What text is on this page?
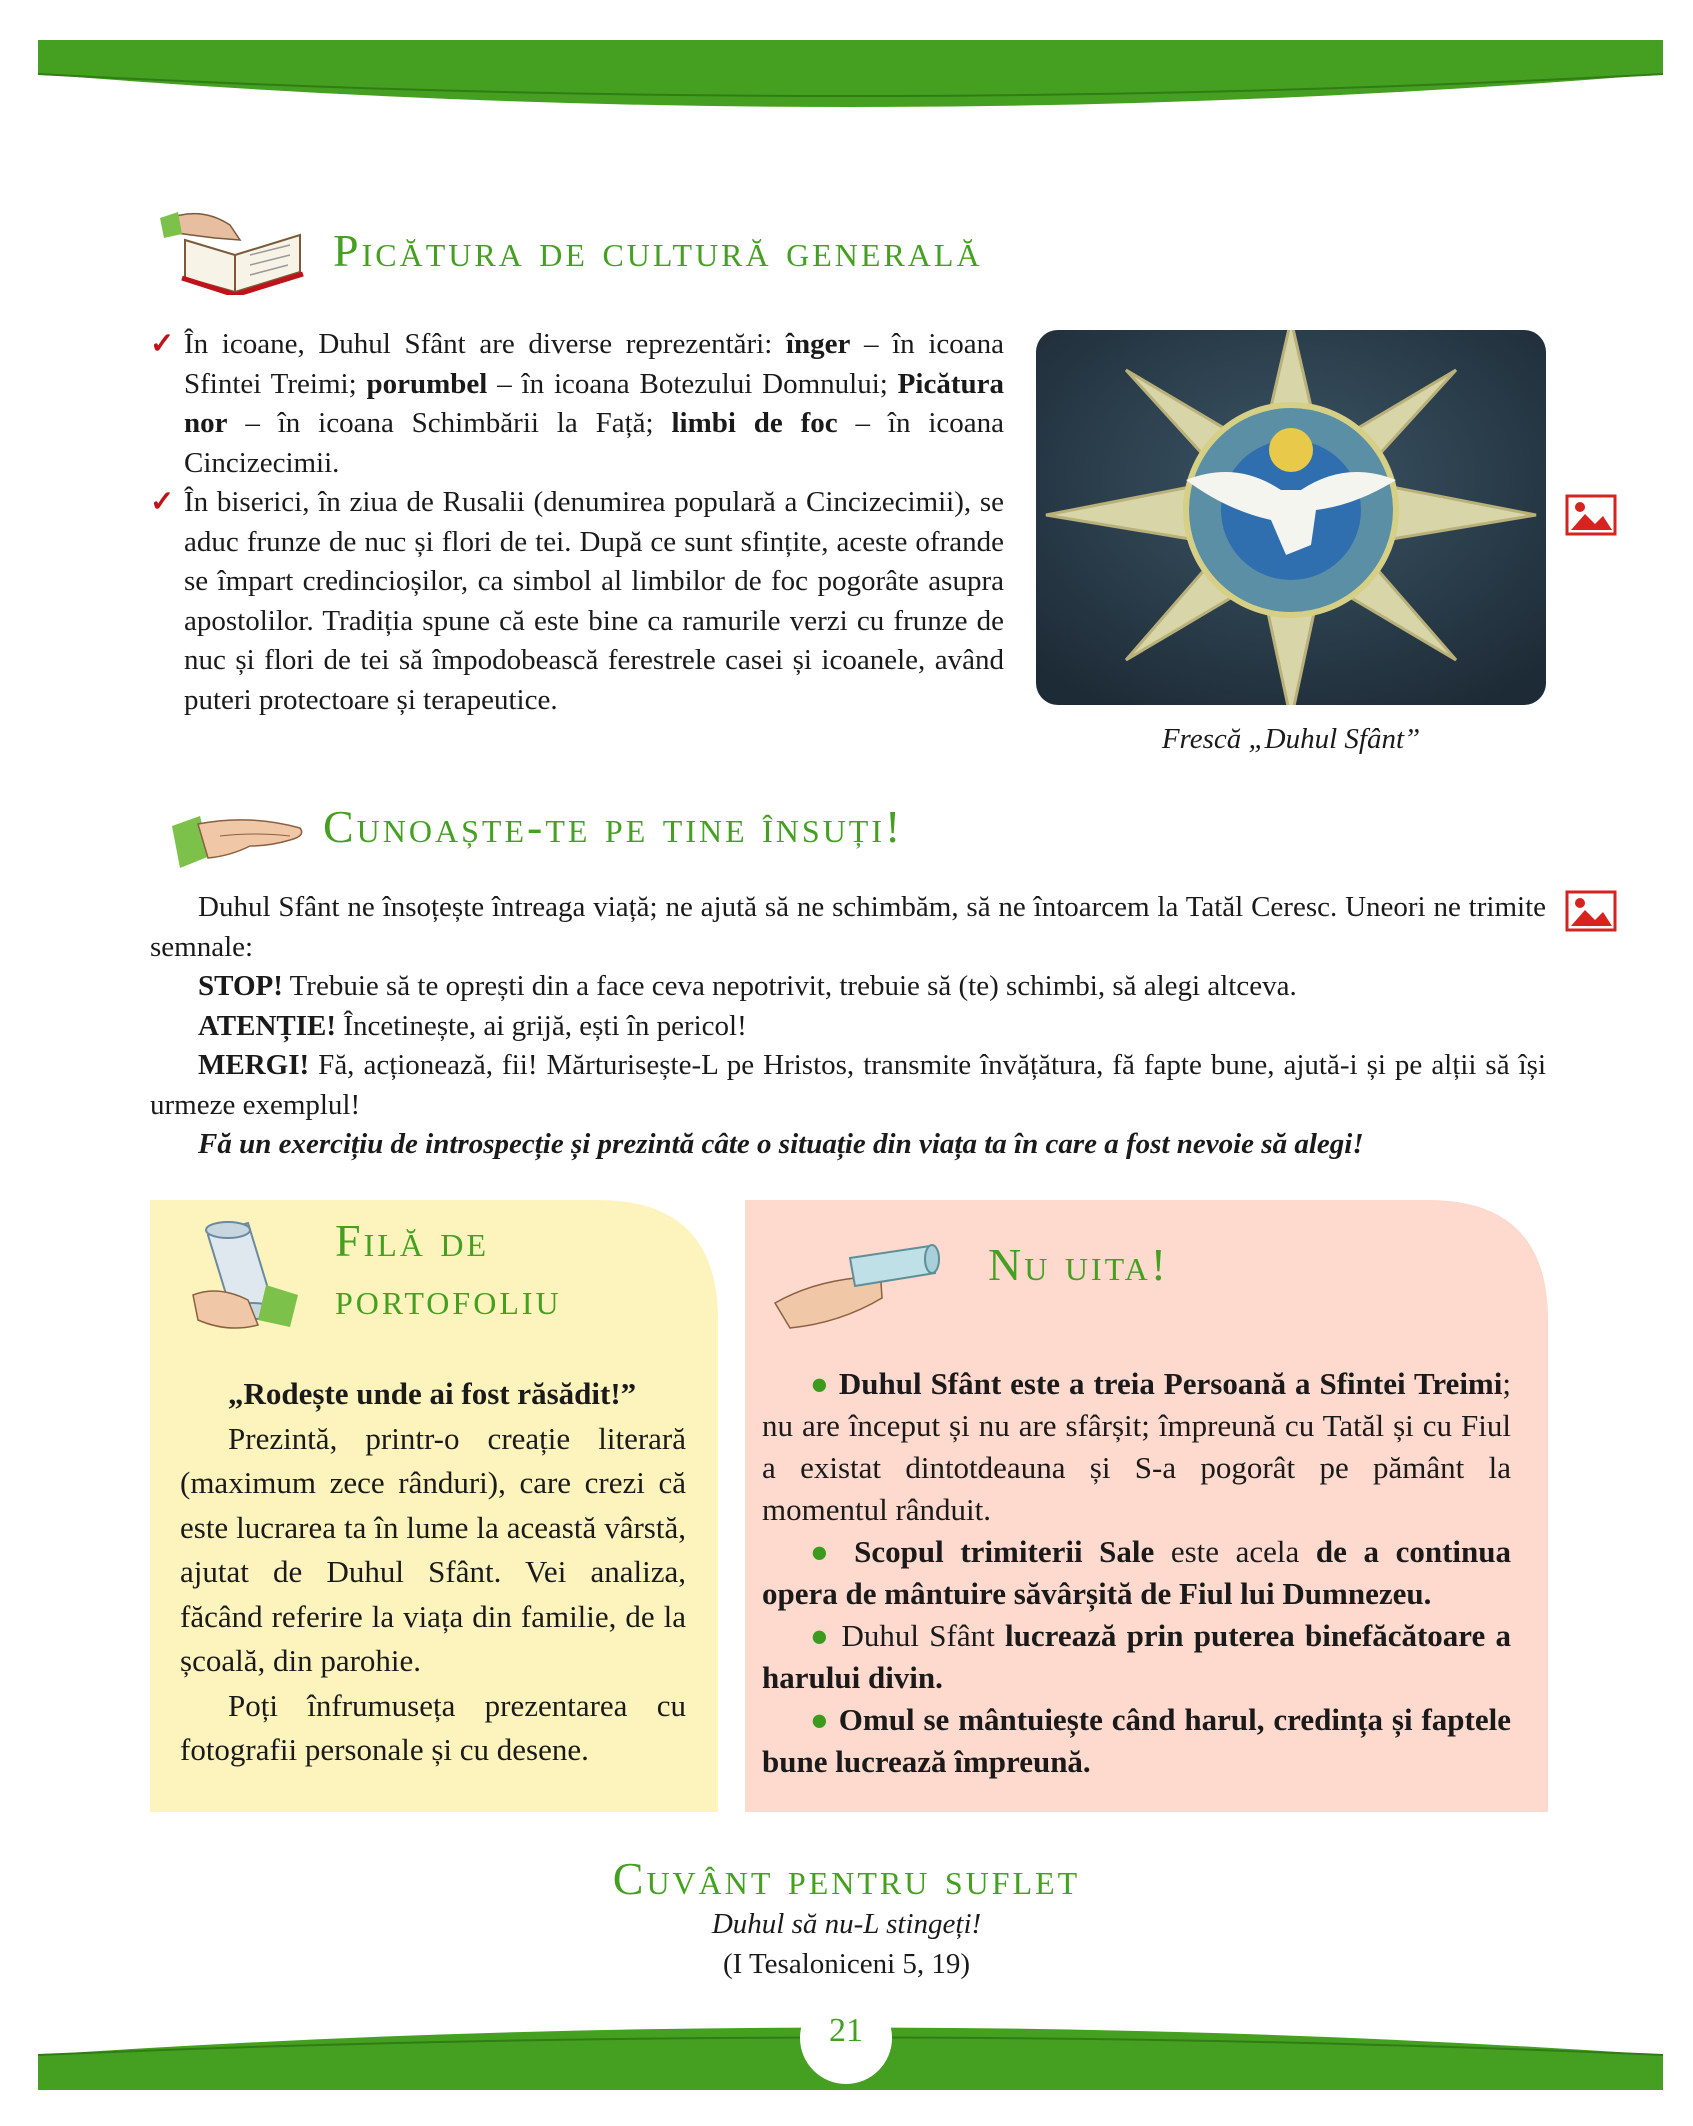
Picătura de cultură generală
✓ În icoane, Duhul Sfânt are diverse reprezentări: înger – în icoana Sfintei Treimi; porumbel – în icoana Botezului Domnului; Picătura nor – în icoana Schimbării la Față; limbi de foc – în icoana Cincizecimii.
✓ În biserici, în ziua de Rusalii (denumirea populară a Cincizecimii), se aduc frunze de nuc și flori de tei. După ce sunt sfințite, aceste ofrande se împart credincioșilor, ca simbol al limbilor de foc pogorâte asupra apostolilor. Tradiția spune că este bine ca ramurile verzi cu frunze de nuc și flori de tei să împodobească ferestrele casei și icoanele, având puteri protectoare și terapeutice.
Frescă „Duhul Sfânt”
Cunoaște-te pe tine însuți!
Duhul Sfânt ne însoțește întreaga viață; ne ajută să ne schimbăm, să ne întoarcem la Tatăl Ceresc. Uneori ne trimite semnale:
STOP! Trebuie să te oprești din a face ceva nepotrivit, trebuie să (te) schimbi, să alegi altceva.
ATENȚIE! Încetinește, ai grijă, ești în pericol!
MERGI! Fă, acționează, fii! Mărturisește-L pe Hristos, transmite învățătura, fă fapte bune, ajută-i și pe alții să își urmeze exemplul!
Fă un exercițiu de introspecție și prezintă câte o situație din viața ta în care a fost nevoie să alegi!
Filă de
portofoliu

„Rodește unde ai fost răsădit!”

Prezintă, printr-o creație literară (maximum zece rânduri), care crezi că este lucrarea ta în lume la această vârstă, ajutat de Duhul Sfânt. Vei analiza, făcând referire la viața din familie, de la școală, din parohie.

Poți înfrumuseța prezentarea cu fotografii personale și cu desene.

Nu uita!

● Duhul Sfânt este a treia Persoană a Sfintei Treimi; nu are început și nu are sfârșit; împreună cu Tatăl și cu Fiul a existat dintotdeauna și S-a pogorât pe pământ la momentul rânduit.

● Scopul trimiterii Sale este acela de a continua opera de mântuire săvârșită de Fiul lui Dumnezeu.

● Duhul Sfânt lucrează prin puterea binefăcătoare a harului divin.

● Omul se mântuiește când harul, credința și faptele bune lucrează împreună.

Cuvânt pentru suflet
Duhul să nu-L stingeți!
(I Tesaloniceni 5, 19)
21
